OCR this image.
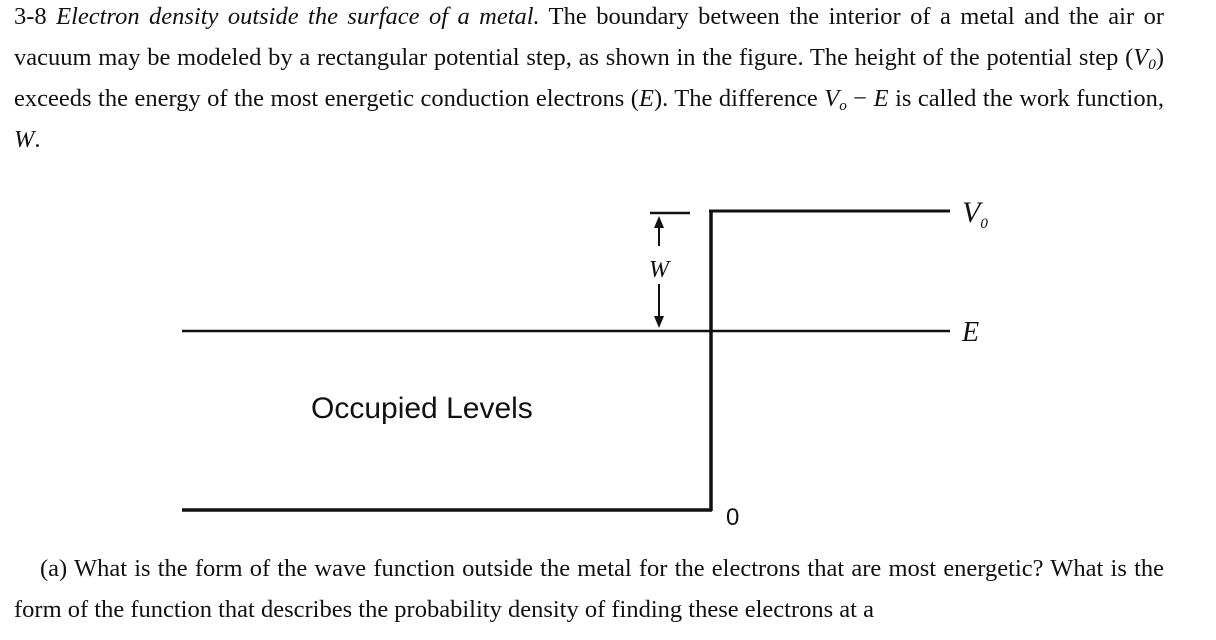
3-8 Electron density outside the surface of a metal. The boundary between the interior of a metal and the air or vacuum may be modeled by a rectangular potential step, as shown in the figure. The height of the potential step $(V_0)$ exceeds the energy of the most energetic conduction electrons (E). The difference $V_o - E$ is called the work function, W.

W
$V_0$
E
Occupied Levels
0

(a) What is the form of the wave function outside the metal for the electrons that are most energetic? What is the form of the function that describes the probability density of finding these electrons at a
